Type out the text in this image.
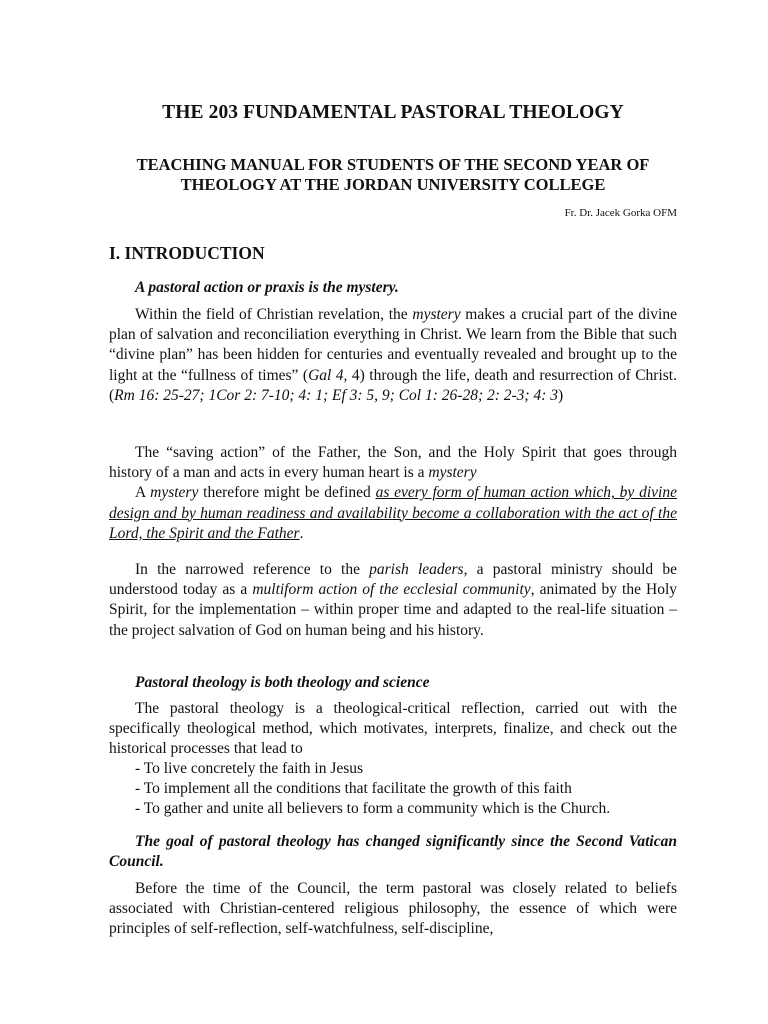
THE 203 FUNDAMENTAL PASTORAL THEOLOGY
TEACHING MANUAL FOR STUDENTS OF THE SECOND YEAR OF
THEOLOGY AT THE JORDAN UNIVERSITY COLLEGE
Fr. Dr. Jacek Gorka OFM
I. INTRODUCTION
A pastoral action or praxis is the mystery.

Within the field of Christian revelation, the mystery makes a crucial part of the divine plan of salvation and reconciliation everything in Christ. We learn from the Bible that such “divine plan” has been hidden for centuries and eventually revealed and brought up to the light at the “fullness of times” (Gal 4, 4) through the life, death and resurrection of Christ. (Rm 16: 25-27; 1Cor 2: 7-10; 4: 1; Ef 3: 5, 9; Col 1: 26-28; 2: 2-3; 4: 3)

The “saving action” of the Father, the Son, and the Holy Spirit that goes through history of a man and acts in every human heart is a mystery

A mystery therefore might be defined as every form of human action which, by divine design and by human readiness and availability become a collaboration with the act of the Lord, the Spirit and the Father.

In the narrowed reference to the parish leaders, a pastoral ministry should be understood today as a multiform action of the ecclesial community, animated by the Holy Spirit, for the implementation – within proper time and adapted to the real-life situation – the project salvation of God on human being and his history.

Pastoral theology is both theology and science

The pastoral theology is a theological-critical reflection, carried out with the specifically theological method, which motivates, interprets, finalize, and check out the historical processes that lead to

- To live concretely the faith in Jesus
- To implement all the conditions that facilitate the growth of this faith
- To gather and unite all believers to form a community which is the Church.

The goal of pastoral theology has changed significantly since the Second Vatican Council.

Before the time of the Council, the term pastoral was closely related to beliefs associated with Christian-centered religious philosophy, the essence of which were principles of self-reflection, self-watchfulness, self-discipline,
